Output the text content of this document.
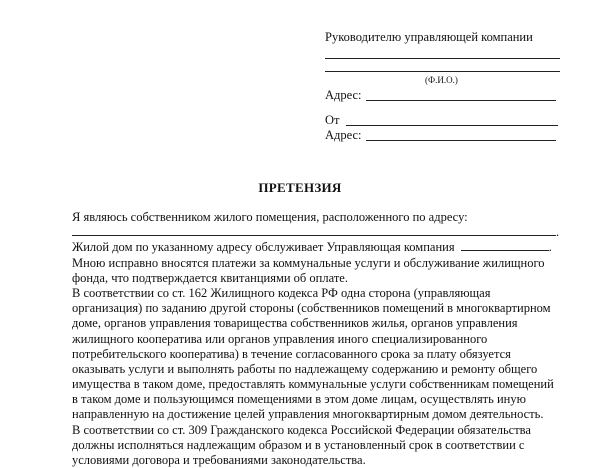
Руководителю управляющей компании
(Ф.И.О.)
Адрес:
От
Адрес:
ПРЕТЕНЗИЯ
Я являюсь собственником жилого помещения, расположенного по адресу:
.
Жилой дом по указанному адресу обслуживает Управляющая компания	.
Мною исправно вносятся платежи за коммунальные услуги и обслуживание жилищного
фонда, что подтверждается квитанциями об оплате.
В соответствии со ст. 162 Жилищного кодекса РФ одна сторона (управляющая
организация) по заданию другой стороны (собственников помещений в многоквартирном
доме, органов управления товарищества собственников жилья, органов управления
жилищного кооператива или органов управления иного специализированного
потребительского кооператива) в течение согласованного срока за плату обязуется
оказывать услуги и выполнять работы по надлежащему содержанию и ремонту общего
имущества в таком доме, предоставлять коммунальные услуги собственникам помещений
в таком доме и пользующимся помещениями в этом доме лицам, осуществлять иную
направленную на достижение целей управления многоквартирным домом деятельность.
В соответствии со ст. 309 Гражданского кодекса Российской Федерации обязательства
должны исполняться надлежащим образом и в установленный срок в соответствии с
условиями договора и требованиями законодательства.
